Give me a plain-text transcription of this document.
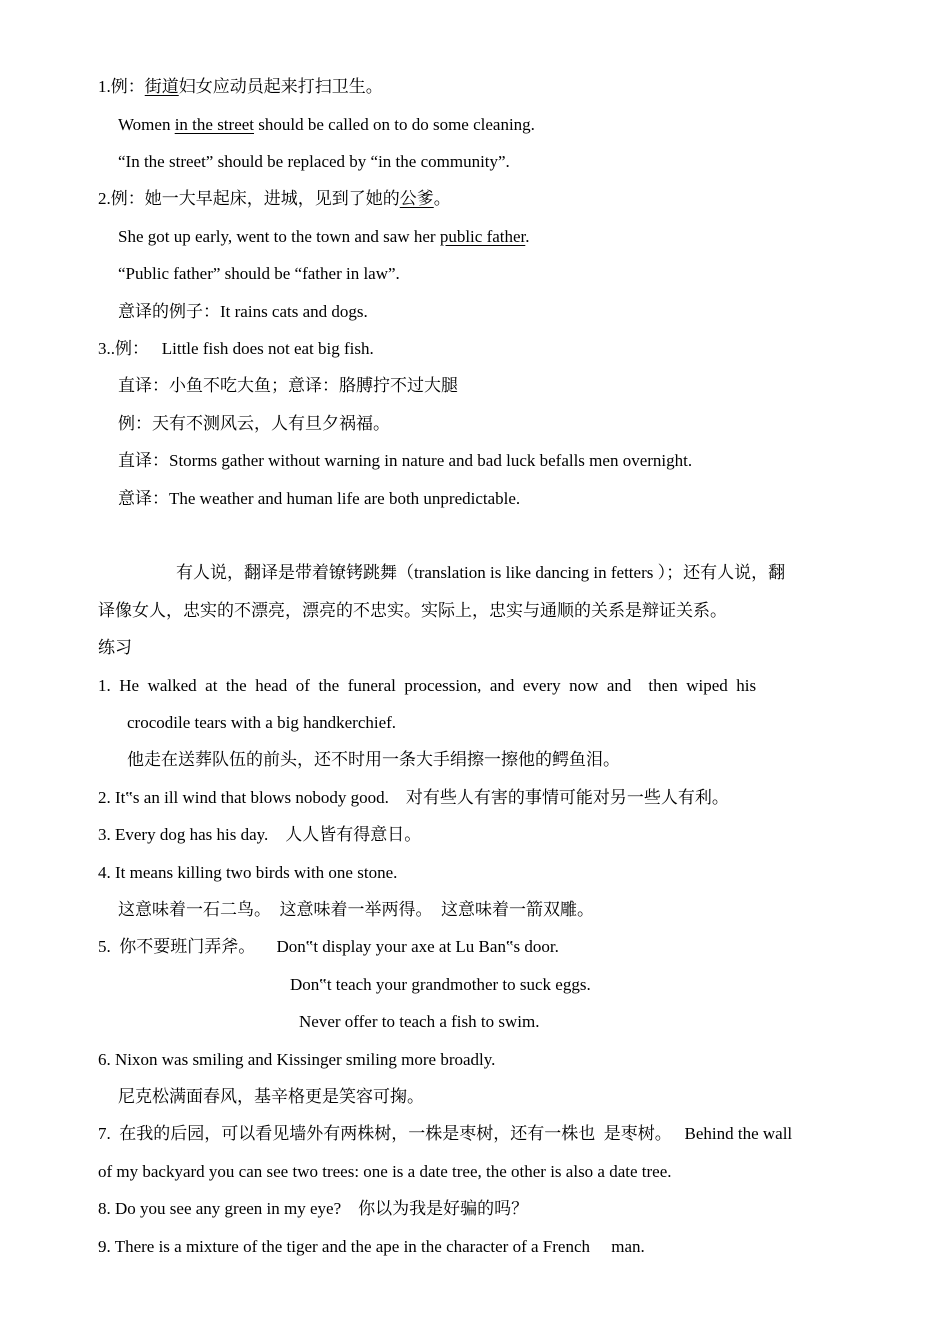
1.例：街道妇女应动员起来打扫卫生。
Women in the street should be called on to do some cleaning.
“In the street” should be replaced by “in the community”.
2.例：她一大早起床，进城，见到了她的公爹。
She got up early, went to the town and saw her public father.
“Public father” should be “father in law”.
意译的例子：It rains cats and dogs.
3..例：   Little fish does not eat big fish.
直译：小鱼不吃大鱼；意译：胳膊拧不过大腿
例：天有不测风云，人有旦夕祸福。
直译：Storms gather without warning in nature and bad luck befalls men overnight.
意译：The weather and human life are both unpredictable.
有人说，翻译是带着镣铐跳舞（translation is like dancing in fetters ）；还有人说，翻
译像女人，忠实的不漂亮，漂亮的不忠实。实际上，忠实与通顺的关系是辩证关系。
练习
1.  He  walked  at  the  head  of  the  funeral  procession,  and  every  now  and    then  wiped  his
crocodile tears with a big handkerchief.
他走在送葬队伍的前头，还不时用一条大手绢擦一擦他的鳄鱼泪。
2. It‟s an ill wind that blows nobody good.    对有些人有害的事情可能对另一些人有利。
3. Every dog has his day.    人人皆有得意日。
4. It means killing two birds with one stone.
这意味着一石二鸟。  这意味着一举两得。  这意味着一箭双雕。
5.  你不要班门弄斧。     Don‟t display your axe at Lu Ban‟s door.
Don‟t teach your grandmother to suck eggs.
Never offer to teach a fish to swim.
6. Nixon was smiling and Kissinger smiling more broadly.
尼克松满面春风，基辛格更是笑容可掬。
7.  在我的后园，可以看见墙外有两株树，一株是枣树，还有一株也  是枣树。   Behind the wall
of my backyard you can see two trees: one is a date tree, the other is also a date tree.
8. Do you see any green in my eye?    你以为我是好骗的吗？
9. There is a mixture of the tiger and the ape in the character of a French     man.
